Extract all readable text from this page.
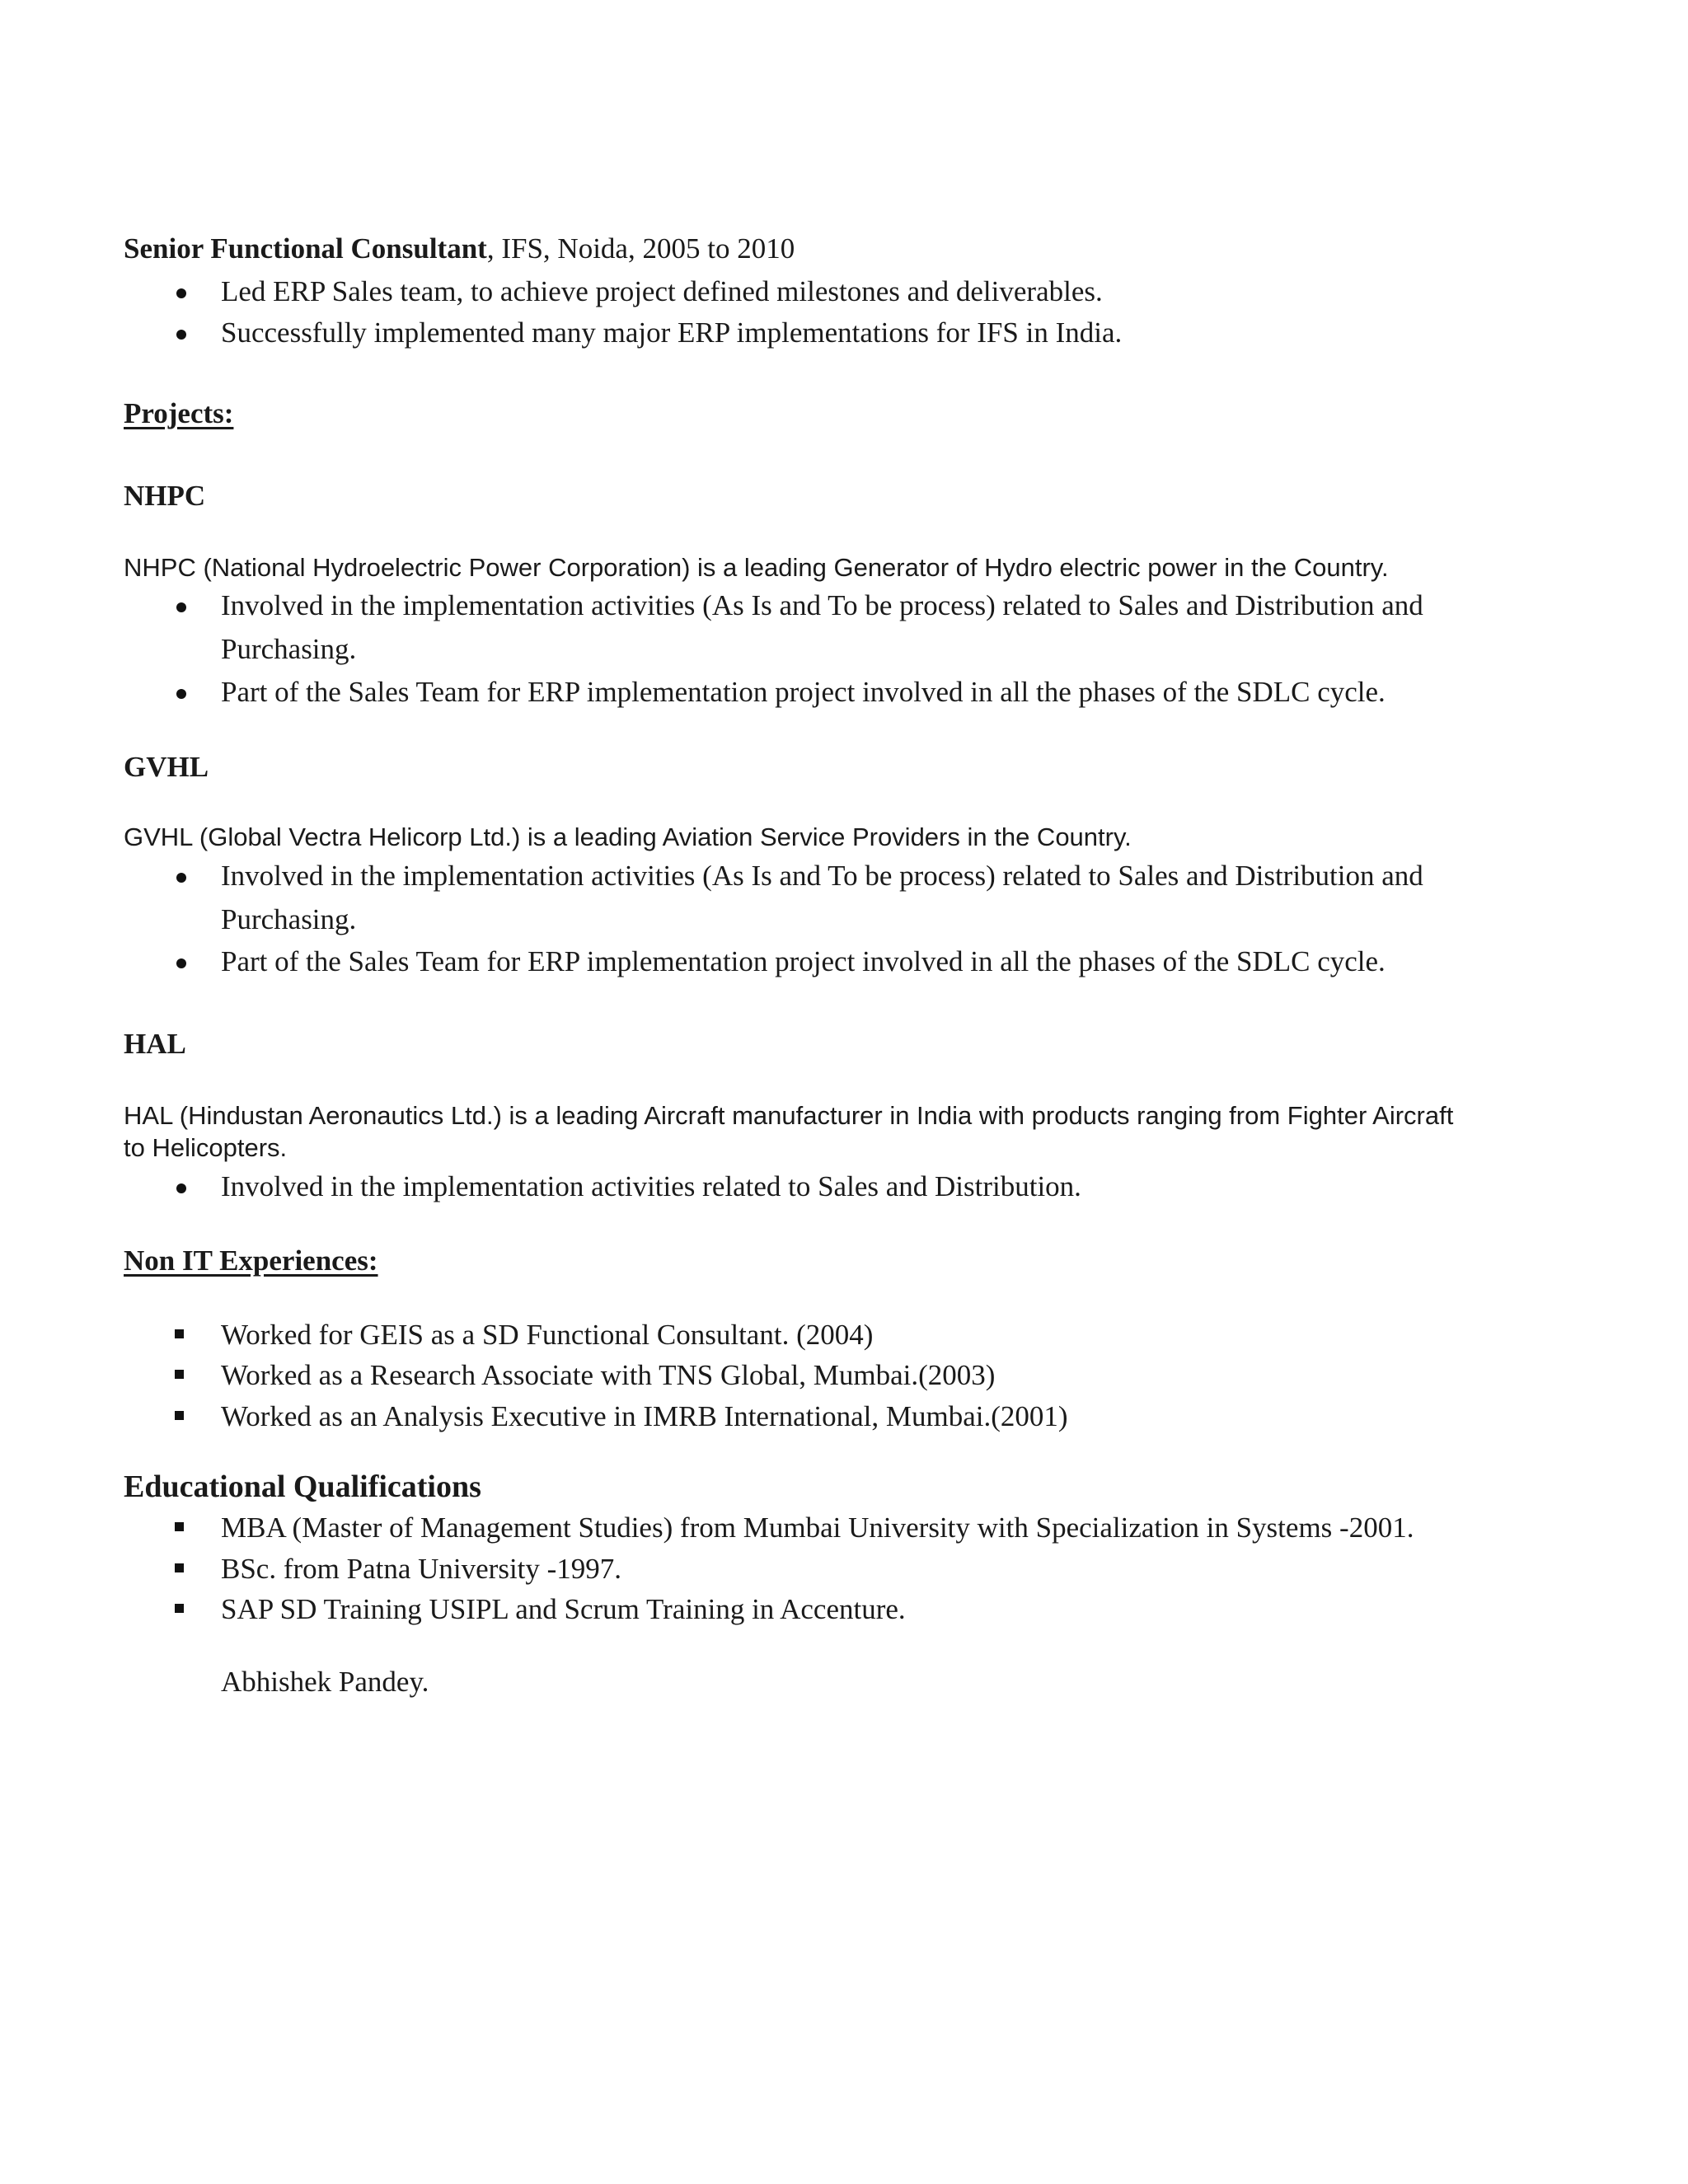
Senior Functional Consultant, IFS, Noida, 2005 to 2010
Led ERP Sales team, to achieve project defined milestones and deliverables.
Successfully implemented many major ERP implementations for IFS in India.
Projects:
NHPC
NHPC (National Hydroelectric Power Corporation) is a leading Generator of Hydro electric power in the Country.
Involved in the implementation activities (As Is and To be process) related to Sales and Distribution and
Purchasing.
Part of the Sales Team for ERP implementation project involved in all the phases of the SDLC cycle.
GVHL
GVHL (Global Vectra Helicorp Ltd.) is a leading Aviation Service Providers in the Country.
Involved in the implementation activities (As Is and To be process) related to Sales and Distribution and
Purchasing.
Part of the Sales Team for ERP implementation project involved in all the phases of the SDLC cycle.
HAL
HAL (Hindustan Aeronautics Ltd.) is a leading Aircraft manufacturer in India with products ranging from Fighter Aircraft
to Helicopters.
Involved in the implementation activities related to Sales and Distribution.
Non IT Experiences:
Worked for GEIS as a SD Functional Consultant. (2004)
Worked as a Research Associate with TNS Global, Mumbai.(2003)
Worked as an Analysis Executive in IMRB International, Mumbai.(2001)
Educational Qualifications
MBA (Master of Management Studies) from Mumbai University with Specialization in Systems -2001.
BSc. from Patna University -1997.
SAP SD Training USIPL and Scrum Training in Accenture.
Abhishek Pandey.
